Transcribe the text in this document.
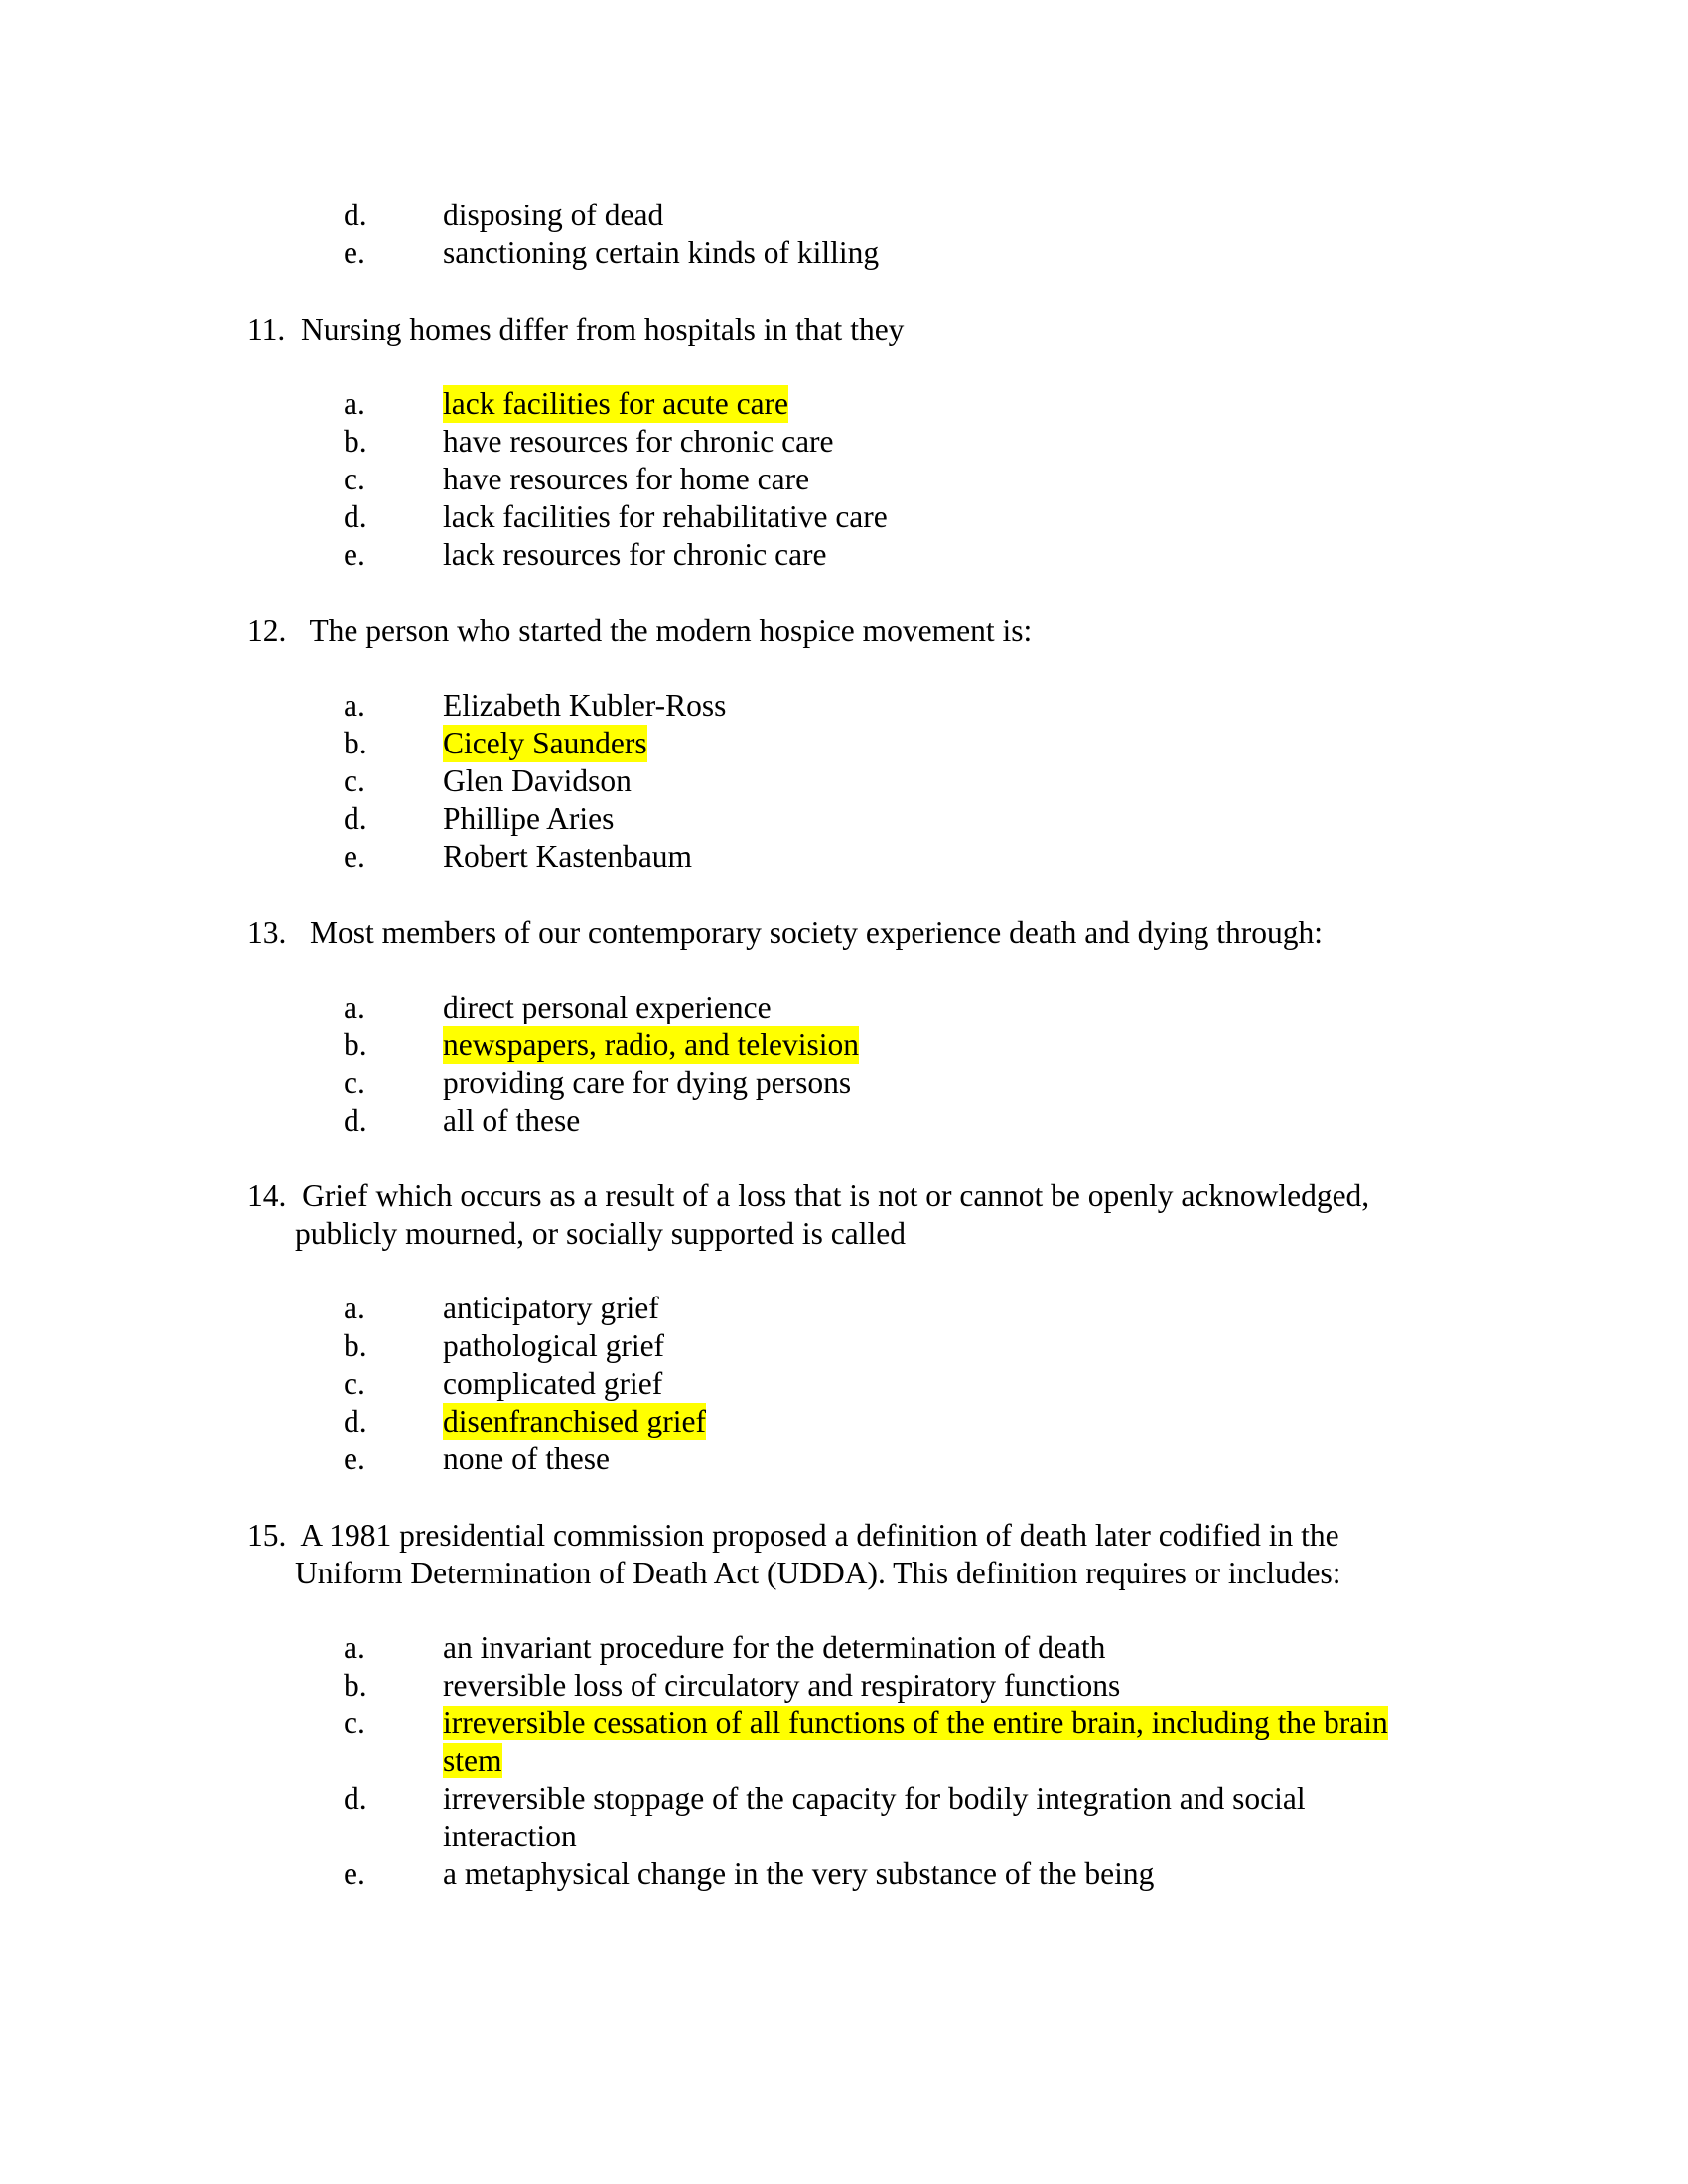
d. disposing of dead
e. sanctioning certain kinds of killing
11. Nursing homes differ from hospitals in that they
a. lack facilities for acute care
b. have resources for chronic care
c. have resources for home care
d. lack facilities for rehabilitative care
e. lack resources for chronic care
12. The person who started the modern hospice movement is:
a. Elizabeth Kubler-Ross
b. Cicely Saunders
c. Glen Davidson
d. Phillipe Aries
e. Robert Kastenbaum
13. Most members of our contemporary society experience death and dying through:
a. direct personal experience
b. newspapers, radio, and television
c. providing care for dying persons
d. all of these
14. Grief which occurs as a result of a loss that is not or cannot be openly acknowledged,
publicly mourned, or socially supported is called
a. anticipatory grief
b. pathological grief
c. complicated grief
d. disenfranchised grief
e. none of these
15. A 1981 presidential commission proposed a definition of death later codified in the
Uniform Determination of Death Act (UDDA). This definition requires or includes:
a. an invariant procedure for the determination of death
b. reversible loss of circulatory and respiratory functions
c. irreversible cessation of all functions of the entire brain, including the brain
stem
d. irreversible stoppage of the capacity for bodily integration and social
interaction
e. a metaphysical change in the very substance of the being
